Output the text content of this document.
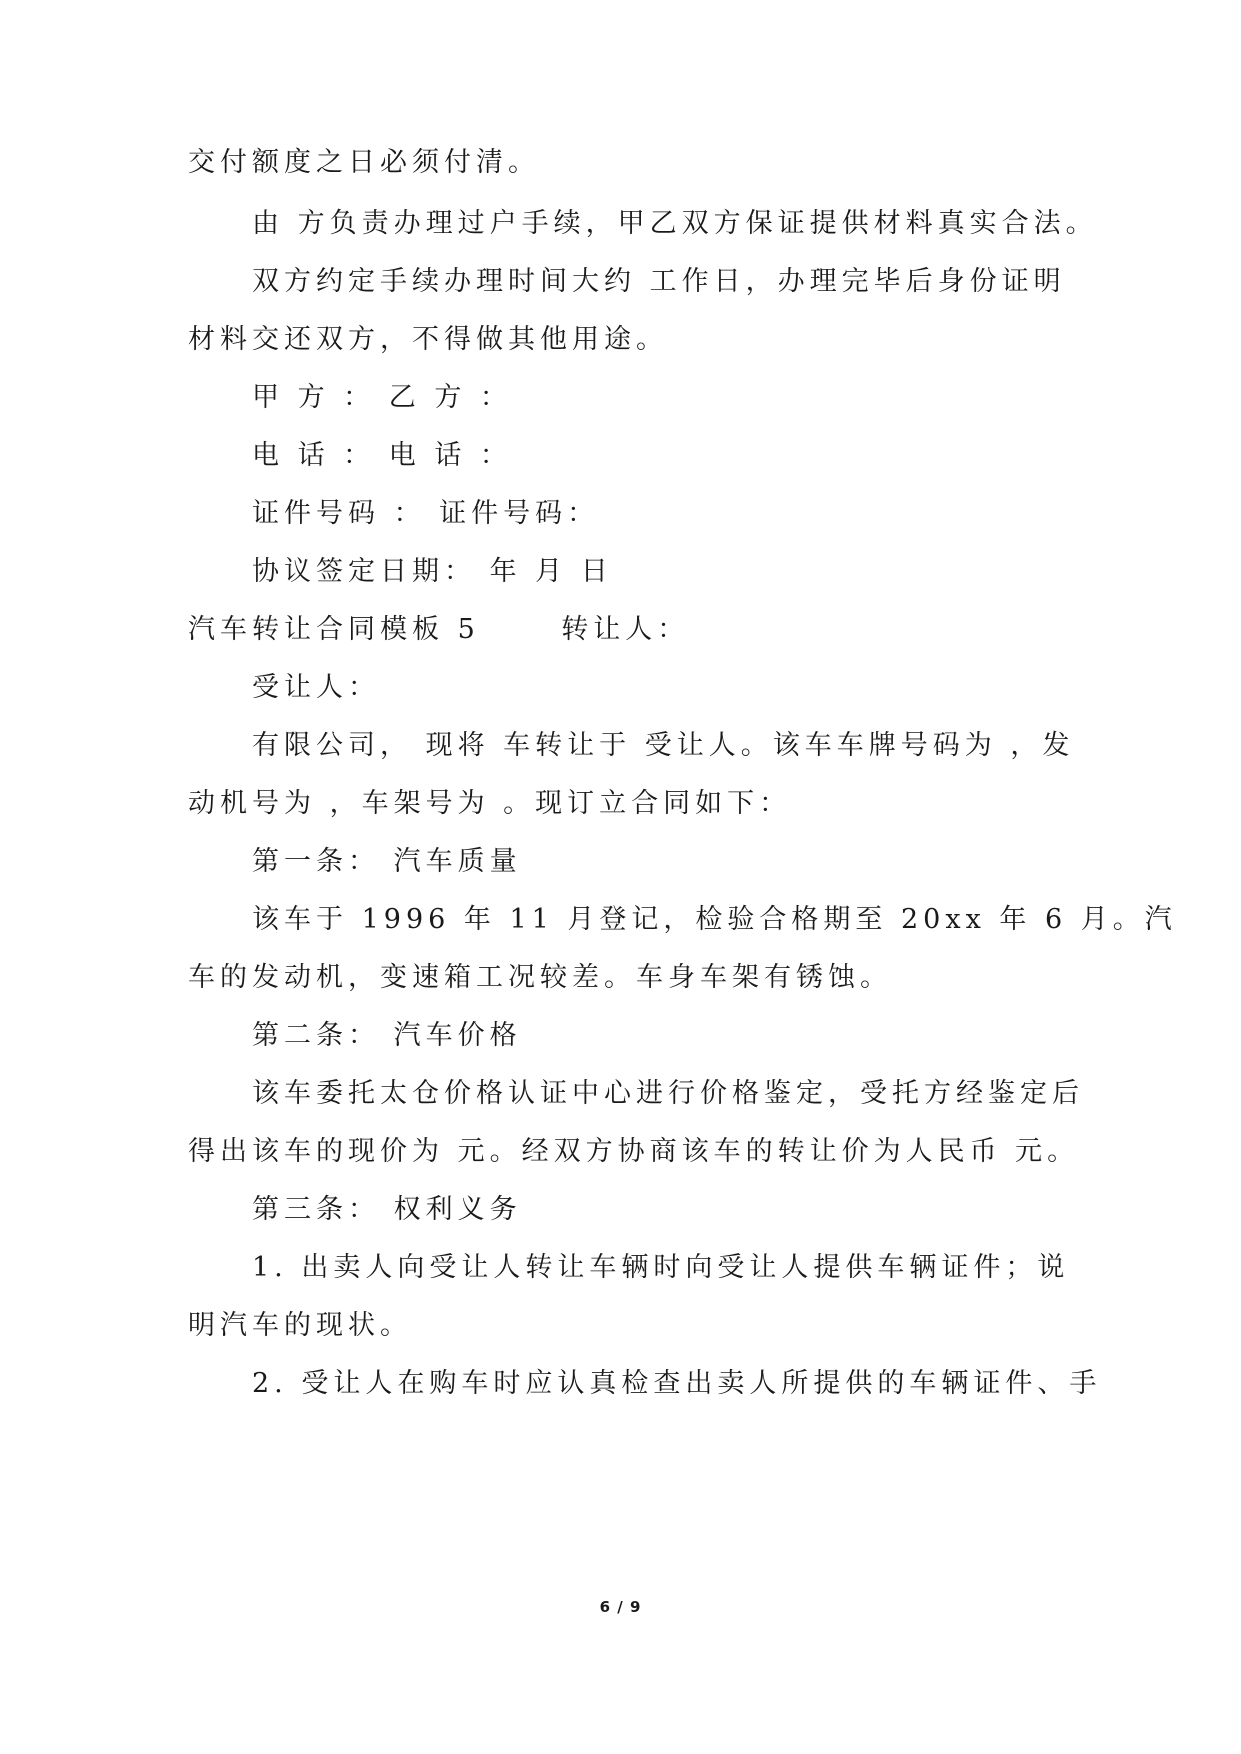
交付额度之日必须付清。

由 方负责办理过户手续，甲乙双方保证提供材料真实合法。

双方约定手续办理时间大约 工作日，办理完毕后身份证明

材料交还双方，不得做其他用途。

甲 方 ： 乙 方 ：

电 话 ： 电 话 ：

证件号码 ： 证件号码：

协议签定日期： 年 月 日

汽车转让合同模板 5      转让人：

受让人：

有限公司， 现将 车转让于 受让人。该车车牌号码为 ，发

动机号为 ，车架号为 。现订立合同如下：

第一条： 汽车质量

该车于 1996 年 11 月登记，检验合格期至 20xx 年 6 月。汽

车的发动机，变速箱工况较差。车身车架有锈蚀。

第二条： 汽车价格

该车委托太仓价格认证中心进行价格鉴定，受托方经鉴定后

得出该车的现价为 元。经双方协商该车的转让价为人民币 元。

第三条： 权利义务

1. 出卖人向受让人转让车辆时向受让人提供车辆证件；说

明汽车的现状。

2. 受让人在购车时应认真检查出卖人所提供的车辆证件、手

6 / 9
